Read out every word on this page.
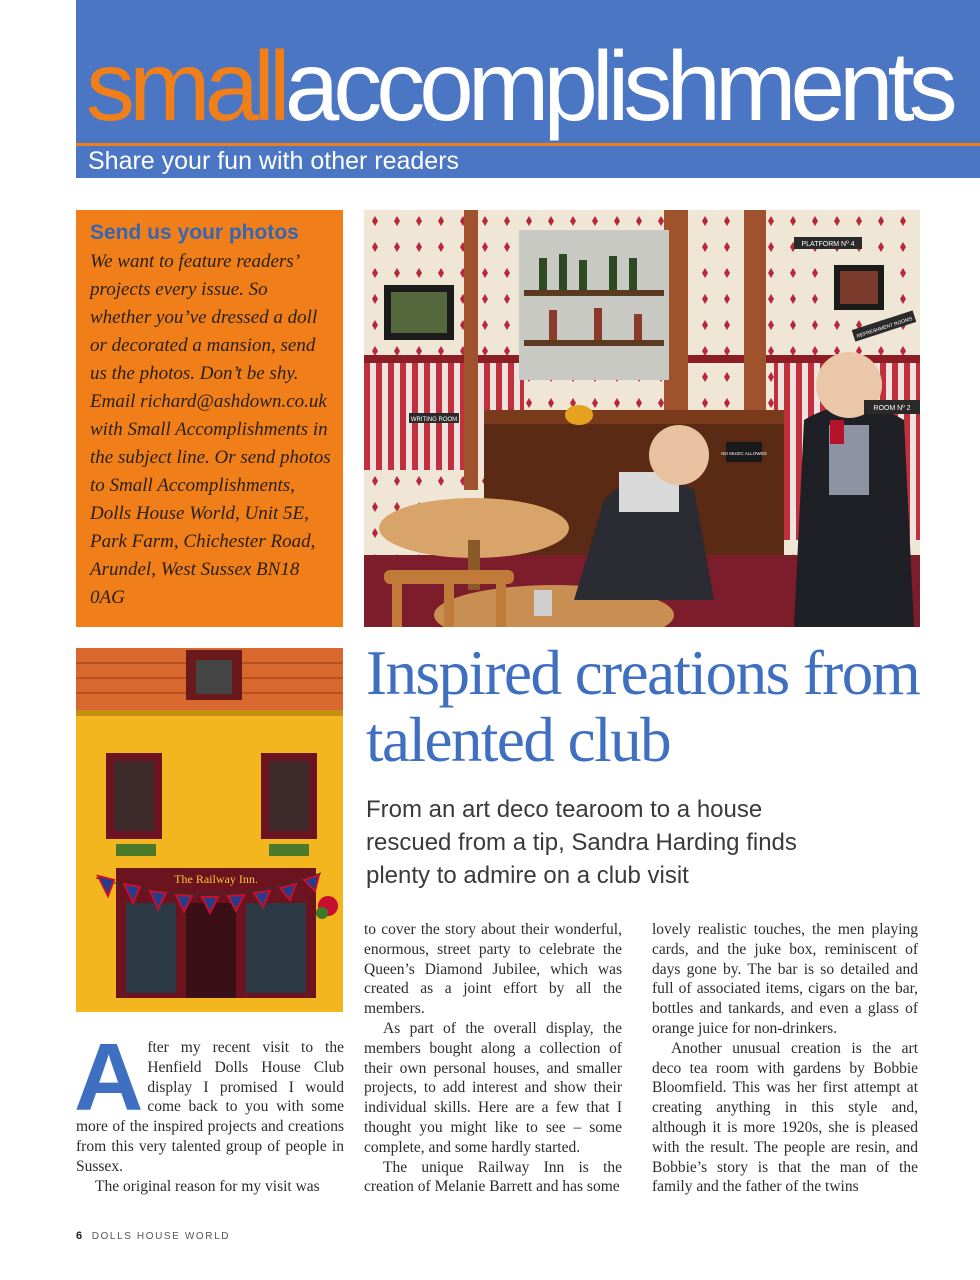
smallaccomplishments
Share your fun with other readers
Send us your photos

We want to feature readers’ projects every issue. So whether you’ve dressed a doll or decorated a mansion, send us the photos. Don’t be shy. Email richard@ashdown.co.uk with Small Accomplishments in the subject line. Or send photos to Small Accomplishments, Dolls House World, Unit 5E, Park Farm, Chichester Road, Arundel, West Sussex BN18 0AG

WRITING ROOM
PLATFORM Nº 4
REFRESHMENT ROOMS
ROOM Nº 2
NO MUSIC ALLOWED
The Railway Inn.
Inspired creations from talented club

From an art deco tearoom to a house rescued from a tip, Sandra Harding finds plenty to admire on a club visit

A fter my recent visit to the Henfield Dolls House Club display I promised I would come back to you with some more of the inspired projects and creations from this very talented group of people in Sussex.

The original reason for my visit was

to cover the story about their wonderful, enormous, street party to celebrate the Queen’s Diamond Jubilee, which was created as a joint effort by all the members.

As part of the overall display, the members bought along a collection of their own personal houses, and smaller projects, to add interest and show their individual skills. Here are a few that I thought you might like to see – some complete, and some hardly started.

The unique Railway Inn is the creation of Melanie Barrett and has some

lovely realistic touches, the men playing cards, and the juke box, reminiscent of days gone by. The bar is so detailed and full of associated items, cigars on the bar, bottles and tankards, and even a glass of orange juice for non-drinkers.

Another unusual creation is the art deco tea room with gardens by Bobbie Bloomfield. This was her first attempt at creating anything in this style and, although it is more 1920s, she is pleased with the result. The people are resin, and Bobbie’s story is that the man of the family and the father of the twins

6 DOLLS HOUSE WORLD
